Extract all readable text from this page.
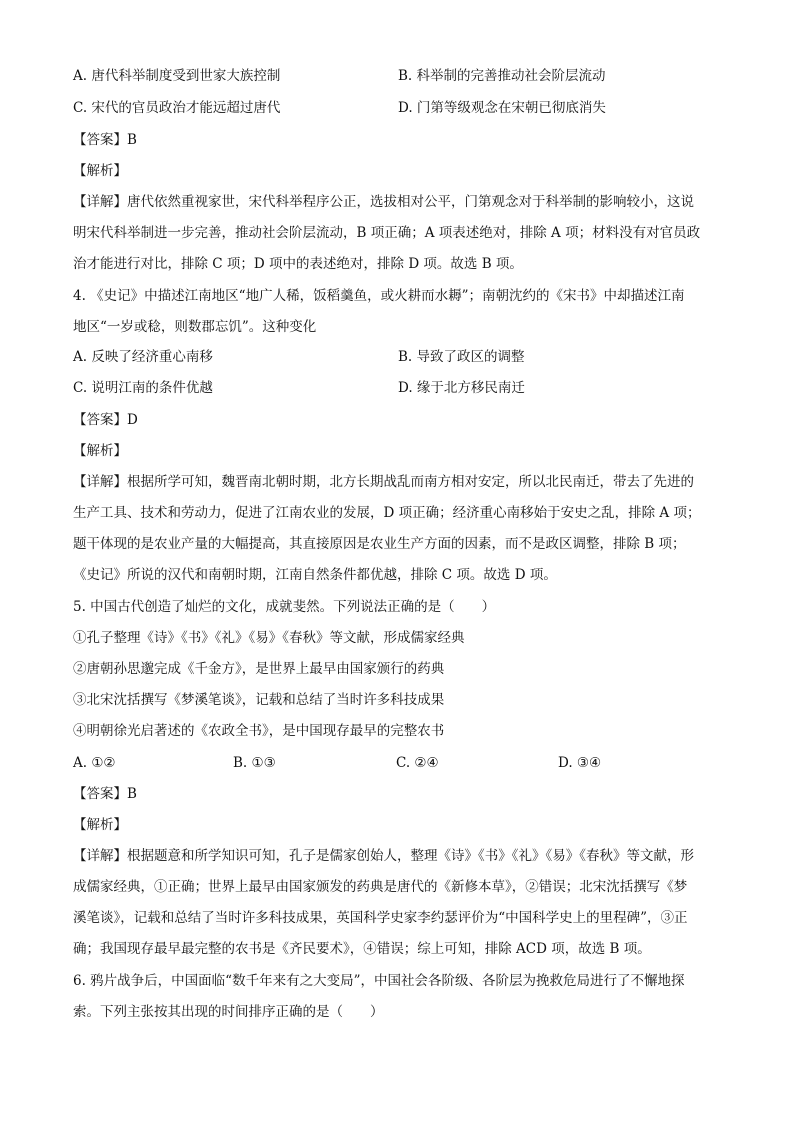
A. 唐代科举制度受到世家大族控制	B. 科举制的完善推动社会阶层流动
C. 宋代的官员政治才能远超过唐代	D. 门第等级观念在宋朝已彻底消失
【答案】B
【解析】
【详解】唐代依然重视家世，宋代科举程序公正，选拔相对公平，门第观念对于科举制的影响较小，这说
明宋代科举制进一步完善，推动社会阶层流动，B 项正确；A 项表述绝对，排除 A 项；材料没有对官员政
治才能进行对比，排除 C 项；D 项中的表述绝对，排除 D 项。故选 B 项。
4. 《史记》中描述江南地区“地广人稀，饭稻羹鱼，或火耕而水耨”；南朝沈约的《宋书》中却描述江南
地区“一岁或稔，则数郡忘饥”。这种变化
A. 反映了经济重心南移	B. 导致了政区的调整
C. 说明江南的条件优越	D. 缘于北方移民南迁
【答案】D
【解析】
【详解】根据所学可知，魏晋南北朝时期，北方长期战乱而南方相对安定，所以北民南迁，带去了先进的
生产工具、技术和劳动力，促进了江南农业的发展，D 项正确；经济重心南移始于安史之乱，排除 A 项；
题干体现的是农业产量的大幅提高，其直接原因是农业生产方面的因素，而不是政区调整，排除 B 项；
《史记》所说的汉代和南朝时期，江南自然条件都优越，排除 C 项。故选 D 项。
5. 中国古代创造了灿烂的文化，成就斐然。下列说法正确的是（　　）
①孔子整理《诗》《书》《礼》《易》《春秋》等文献，形成儒家经典
②唐朝孙思邈完成《千金方》，是世界上最早由国家颁行的药典
③北宋沈括撰写《梦溪笔谈》，记载和总结了当时许多科技成果
④明朝徐光启著述的《农政全书》，是中国现存最早的完整农书
A. ①②	B. ①③	C. ②④	D. ③④
【答案】B
【解析】
【详解】根据题意和所学知识可知，孔子是儒家创始人，整理《诗》《书》《礼》《易》《春秋》等文献，形
成儒家经典，①正确；世界上最早由国家颁发的药典是唐代的《新修本草》，②错误；北宋沈括撰写《梦
溪笔谈》，记载和总结了当时许多科技成果，英国科学史家李约瑟评价为“中国科学史上的里程碑”，③正
确；我国现存最早最完整的农书是《齐民要术》，④错误；综上可知，排除 ACD 项，故选 B 项。
6. 鸦片战争后，中国面临“数千年来有之大变局”，中国社会各阶级、各阶层为挽救危局进行了不懈地探
索。下列主张按其出现的时间排序正确的是（　　）
